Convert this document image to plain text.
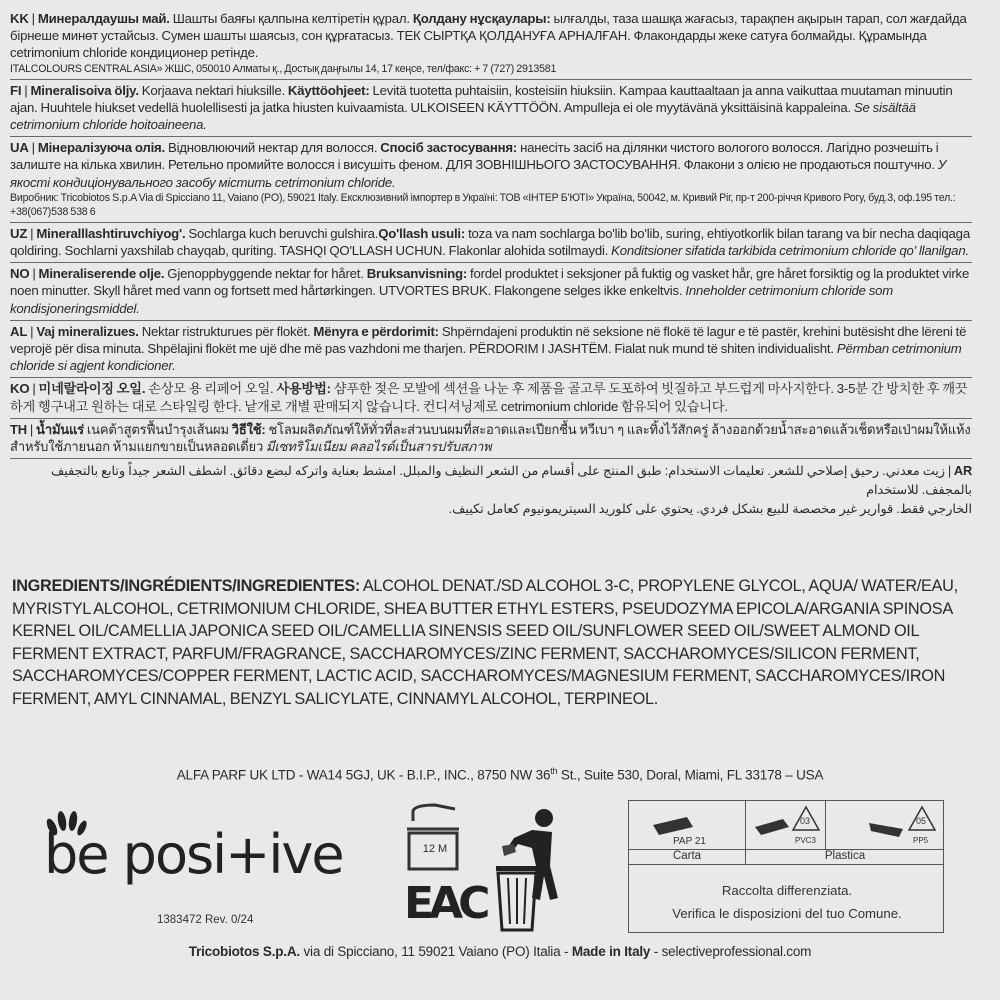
KK | Минералдаушы май. Шашты баяғы қалпына келтіретін құрал. Қолдану нұсқаулары: ылғалды, таза шашқа жағасыз, тарақпен ақырын тарап, сол жағдайда бірнеше минөт устайсыз. Сумен шашты шаясыз, сон құрғатасыз. ТЕК СЫРТҚА ҚОЛДАНУҒА АРНАЛҒАН. Флакондарды жеке сатуға болмайды. Құрамында cetrimonium chloride кондиционер ретінде.
ITALCOLOURS CENTRAL ASIA» ЖШС, 050010 Алматы қ., Достық даңғылы 14, 17 кеңсе, тел/факс: + 7 (727) 2913581
FI | Mineralisoiva öljy. Korjaava nektari hiuksille. Käyttöohjeet: Levitä tuotetta puhtaisiin, kosteisiin hiuksiin. Kampaa kauttaaltaan ja anna vaikuttaa muutaman minuutin ajan. Huuhtele hiukset vedellä huolellisesti ja jatka hiusten kuivaamista. ULKOISEEN KÄYTTÖÖN. Ampulleja ei ole myytävänä yksittäisinä kappaleina. Se sisältää cetrimonium chloride hoitoaineena.
UA | Мінералізуюча олія. Відновлюючий нектар для волосся. Спосіб застосування: нанесіть засіб на ділянки чистого вологого волосся. Лагідно розчешіть і залиште на кілька хвилин. Ретельно промийте волосся і висушіть феном. ДЛЯ ЗОВНІШНЬОГО ЗАСТОСУВАННЯ. Флакони з олією не продаються поштучно. У якості кондиціонувального засобу містить cetrimonium chloride.
Виробник: Tricobiotos S.p.A Via di Spicciano 11, Vaiano (PO), 59021 Italy. Ексклюзивний імпортер в Україні: ТОВ «ІНТЕР Б'ЮТІ» Україна, 50042, м. Кривий Ріг, пр-т 200-річчя Кривого Рогу, буд.3, оф.195 тел.: +38(067)538 538 6
UZ | Mineralllashtiruvchiyog'. Sochlarga kuch beruvchi gulshira.Qo'llash usuli: toza va nam sochlarga bo'lib bo'lib, suring, ehtiyotkorlik bilan tarang va bir necha daqiqaga qoldiring. Sochlarni yaxshilab chayqab, quriting. TASHQI QO'LLASH UCHUN. Flakonlar alohida sotilmaydi. Konditsioner sifatida tarkibida cetrimonium chloride qo' llanilgan.
NO | Mineraliserende olje. Gjenoppbyggende nektar for håret. Bruksanvisning: fordel produktet i seksjoner på fuktig og vasket hår, gre håret forsiktig og la produktet virke noen minutter. Skyll håret med vann og fortsett med hårtørkingen. UTVORTES BRUK. Flakongene selges ikke enkeltvis. Inneholder cetrimonium chloride som kondisjoneringsmiddel.
AL | Vaj mineralizues. Nektar ristrukturues për flokët. Mënyra e përdorimit: Shpërndajeni produktin në seksione në flokë të lagur e të pastër, krehini butësisht dhe lëreni të veprojë për disa minuta. Shpëlajini flokët me ujë dhe më pas vazhdoni me tharjen. PËRDORIM I JASHTËM. Fialat nuk mund të shiten individualisht. Përmban cetrimonium chloride si agjent kondicioner.
KO | 미네랄라이징 오일. 손상모 용 리페어 오일. 사용방법: 샴푸한 젖은 모발에 섹션을 나눈 후 제품을 골고루 도포하여 빗질하고 부드럽게 마사지한다. 3-5분 간 방치한 후 깨끗하게 헹구내고 원하는 대로 스타일링 한다. 낱개로 개별 판매되지 않습니다. 컨디셔닝제로 cetrimonium chloride 함유되어 있습니다.
TH | น้ำมันแร่ เนคต้าสูตรฟื้นบำรุงเส้นผม วิธีใช้: ชโลมผลิตภัณฑ์ให้ทั่วที่ละส่วนบนผมที่สะอาดและเปียกชื้น หวีเบา ๆ และทิ้งไว้สักครู่ ล้างออกด้วยน้ำสะอาดแล้วเช็ดหรือเป่าผมให้แห้ง สำหรับใช้ภายนอก ห้ามแยกขายเป็นหลอดเดี่ยว มีเซทริโมเนียม คลอไรด์เป็นสารปรับสภาพ
AR | زيت معدني. رحيق إصلاحي للشعر. تعليمات الاستخدام: طبق المنتج على أقسام من الشعر النظيف والمبلل. امشط بعناية واتركه لبضع دقائق. اشطف الشعر جيداً وتابع بالتجفيف بالمجفف. للاستخدام
الخارجي فقط. قوارير غير مخصصة للبيع بشكل فردي. يحتوي على كلوريد السيتريمونيوم كعامل تكييف.
INGREDIENTS/INGRÉDIENTS/INGREDIENTES: ALCOHOL DENAT./SD ALCOHOL 3-C, PROPYLENE GLYCOL, AQUA/ WATER/EAU, MYRISTYL ALCOHOL, CETRIMONIUM CHLORIDE, SHEA BUTTER ETHYL ESTERS, PSEUDOZYMA EPICOLA/ARGANIA SPINOSA KERNEL OIL/CAMELLIA JAPONICA SEED OIL/CAMELLIA SINENSIS SEED OIL/SUNFLOWER SEED OIL/SWEET ALMOND OIL FERMENT EXTRACT, PARFUM/FRAGRANCE, SACCHAROMYCES/ZINC FERMENT, SACCHAROMYCES/SILICON FERMENT, SACCHAROMYCES/COPPER FERMENT, LACTIC ACID, SACCHAROMYCES/MAGNESIUM FERMENT, SACCHAROMYCES/IRON FERMENT, AMYL CINNAMAL, BENZYL SALICYLATE, CINNAMYL ALCOHOL, TERPINEOL.
ALFA PARF UK LTD - WA14 5GJ, UK - B.I.P., INC., 8750 NW 36th St., Suite 530, Doral, Miami, FL 33178 – USA
be posi+ive
1383472 Rev. 0/24
12 M
EAC
PAP 21
03
PVC3
05
PP5
Carta	Plastica
Raccolta differenziata.
Verifica le disposizioni del tuo Comune.
Tricobiotos S.p.A. via di Spicciano, 11 59021 Vaiano (PO) Italia - Made in Italy - selectiveprofessional.com
